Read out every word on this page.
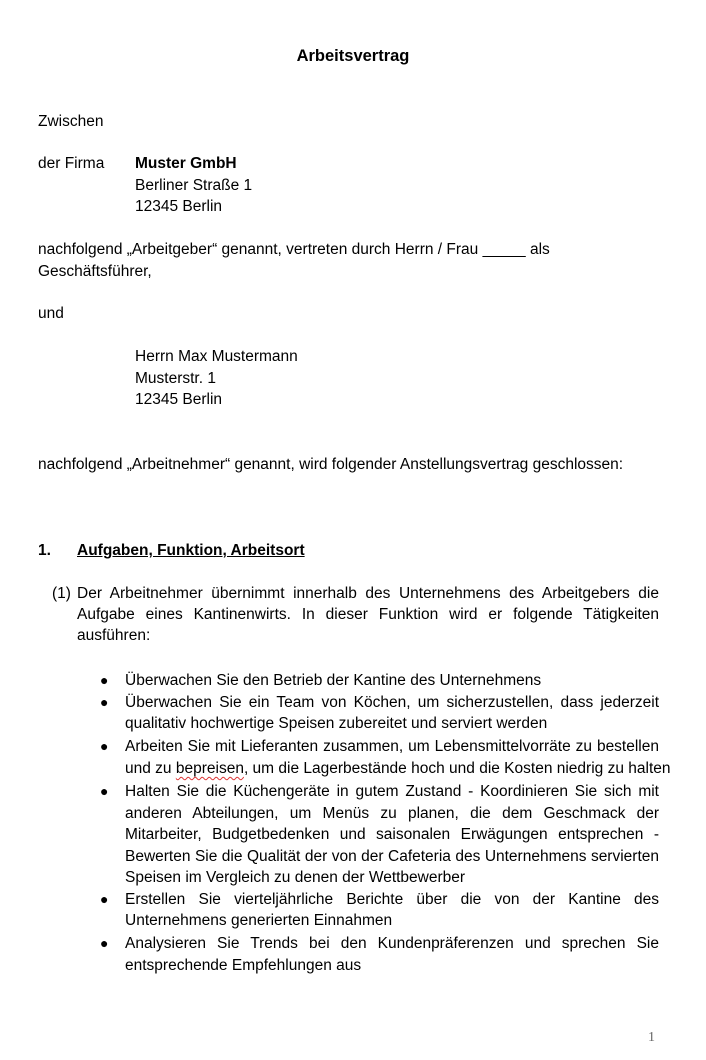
Arbeitsvertrag
Zwischen
der Firma Muster GmbH
Berliner Straße 1
12345 Berlin
nachfolgend „Arbeitgeber“ genannt, vertreten durch Herrn / Frau _____ als
Geschäftsführer,
und
Herrn Max Mustermann
Musterstr. 1
12345 Berlin
nachfolgend „Arbeitnehmer“ genannt, wird folgender Anstellungsvertrag geschlossen:
1. Aufgaben, Funktion, Arbeitsort
(1) Der Arbeitnehmer übernimmt innerhalb des Unternehmens des Arbeitgebers die
Aufgabe eines Kantinenwirts. In dieser Funktion wird er folgende Tätigkeiten
ausführen:
● Überwachen Sie den Betrieb der Kantine des Unternehmens
● Überwachen Sie ein Team von Köchen, um sicherzustellen, dass jederzeit
qualitativ hochwertige Speisen zubereitet und serviert werden
● Arbeiten Sie mit Lieferanten zusammen, um Lebensmittelvorräte zu bestellen
und zu bepreisen, um die Lagerbestände hoch und die Kosten niedrig zu halten
● Halten Sie die Küchengeräte in gutem Zustand - Koordinieren Sie sich mit
anderen Abteilungen, um Menüs zu planen, die dem Geschmack der
Mitarbeiter, Budgetbedenken und saisonalen Erwägungen entsprechen -
Bewerten Sie die Qualität der von der Cafeteria des Unternehmens servierten
Speisen im Vergleich zu denen der Wettbewerber
● Erstellen Sie vierteljährliche Berichte über die von der Kantine des
Unternehmens generierten Einnahmen
● Analysieren Sie Trends bei den Kundenpräferenzen und sprechen Sie
entsprechende Empfehlungen aus
1
